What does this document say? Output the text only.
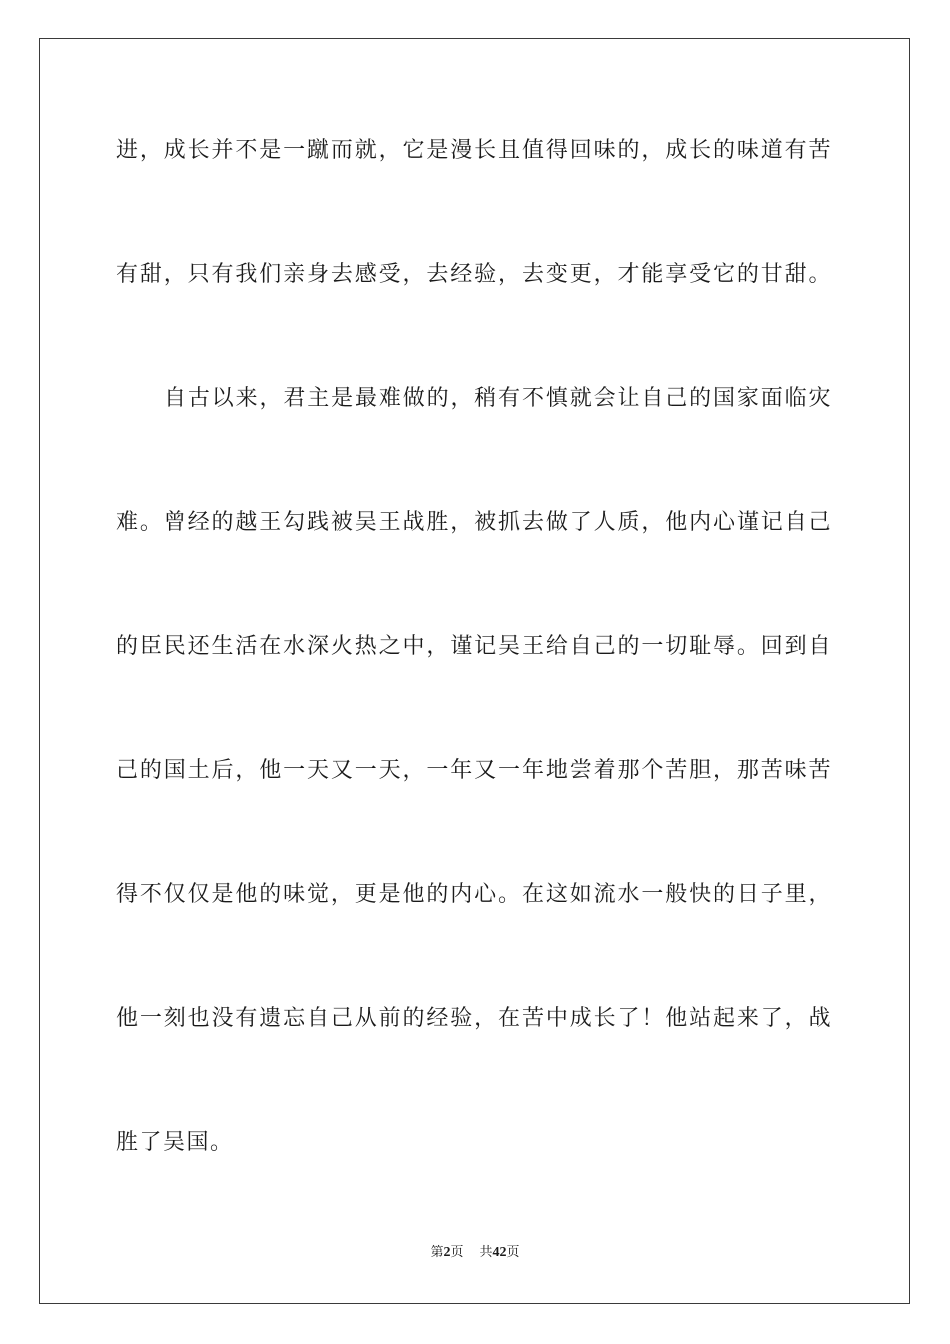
进，成长并不是一蹴而就，它是漫长且值得回味的，成长的味道有苦
有甜，只有我们亲身去感受，去经验，去变更，才能享受它的甘甜。
自古以来，君主是最难做的，稍有不慎就会让自己的国家面临灾
难。曾经的越王勾践被吴王战胜，被抓去做了人质，他内心谨记自己
的臣民还生活在水深火热之中，谨记吴王给自己的一切耻辱。回到自
己的国土后，他一天又一天，一年又一年地尝着那个苦胆，那苦味苦
得不仅仅是他的味觉，更是他的内心。在这如流水一般快的日子里，
他一刻也没有遗忘自己从前的经验，在苦中成长了！他站起来了，战
胜了吴国。
第2页 共42页
